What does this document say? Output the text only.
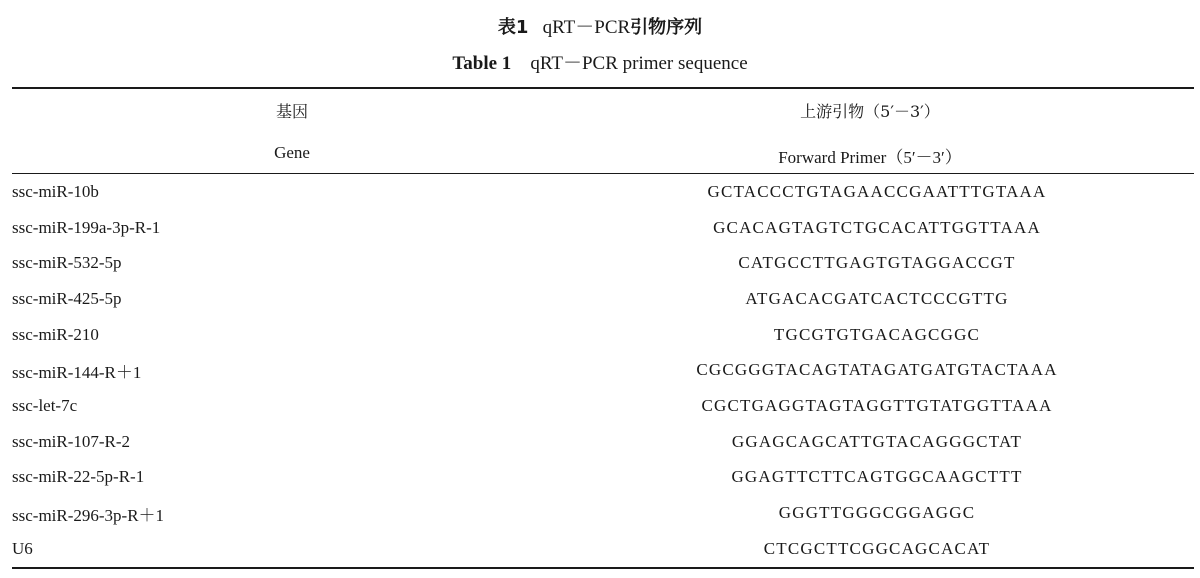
表1 qRT－PCR引物序列
Table 1 qRT－PCR primer sequence
基因	上游引物（5′－3′）
Gene	Forward Primer（5′－3′）
ssc-miR-10b	GCTACCCTGTAGAACCGAATTTGTAAA
ssc-miR-199a-3p-R-1	GCACAGTAGTCTGCACATTGGTTAAA
ssc-miR-532-5p	CATGCCTTGAGTGTAGGACCGT
ssc-miR-425-5p	ATGACACGATCACTCCCGTTG
ssc-miR-210	TGCGTGTGACAGCGGC
ssc-miR-144-R＋1	CGCGGGTACAGTATAGATGATGTACTAAA
ssc-let-7c	CGCTGAGGTAGTAGGTTGTATGGTTAAA
ssc-miR-107-R-2	GGAGCAGCATTGTACAGGGCTAT
ssc-miR-22-5p-R-1	GGAGTTCTTCAGTGGCAAGCTTT
ssc-miR-296-3p-R＋1	GGGTTGGGCGGAGGC
U6	CTCGCTTCGGCAGCACAT
